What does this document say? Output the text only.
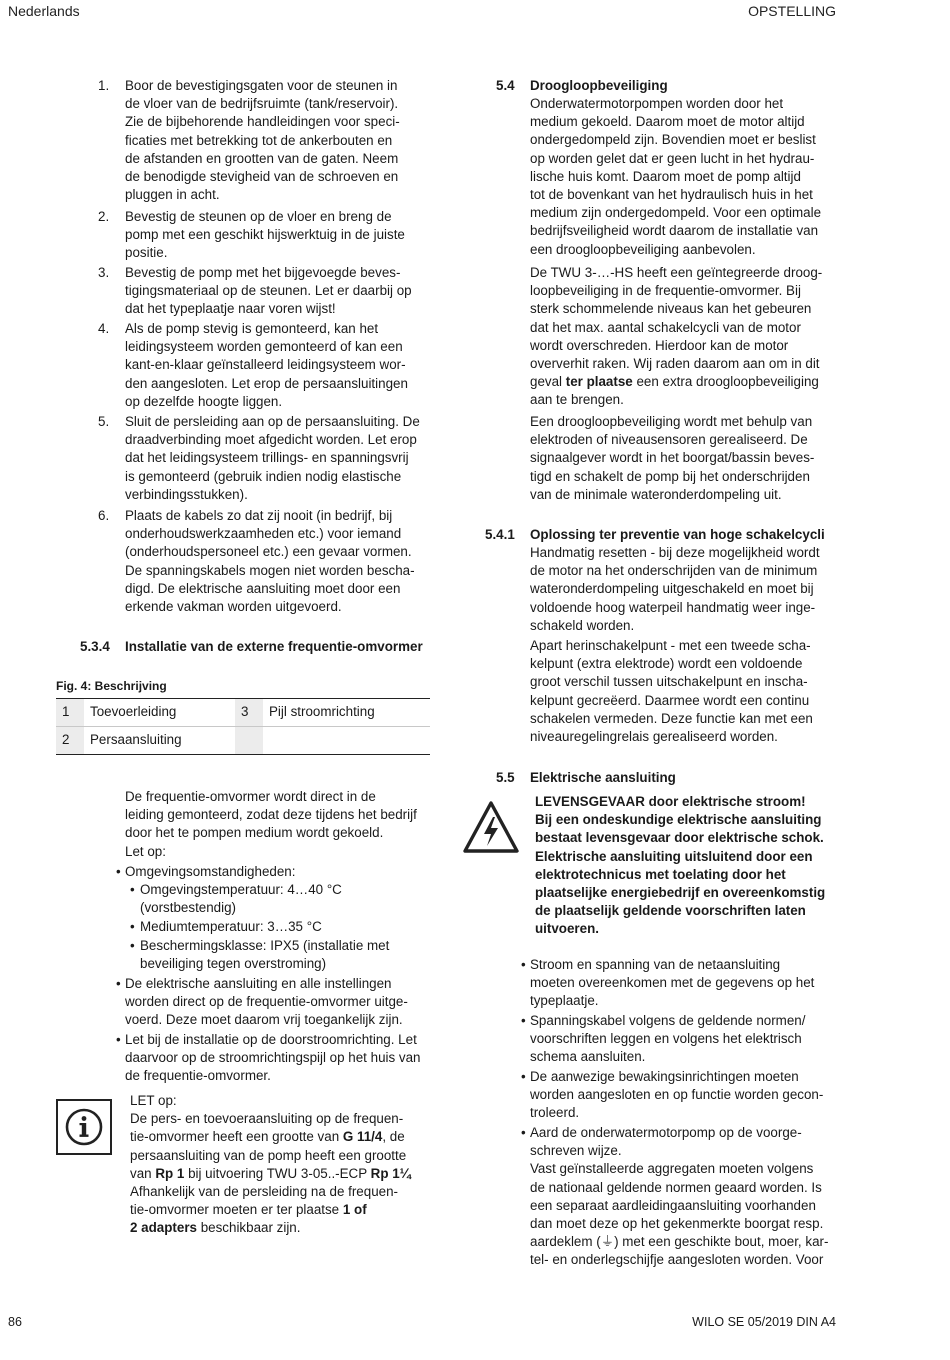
Nederlands	OPSTELLING
86	WILO SE 05/2019 DIN A4
1. Boor de bevestigingsgaten voor de steunen in
de vloer van de bedrijfsruimte (tank/reservoir).
Zie de bijbehorende handleidingen voor speci-
ficaties met betrekking tot de ankerbouten en
de afstanden en grootten van de gaten. Neem
de benodigde stevigheid van de schroeven en
pluggen in acht.
2. Bevestig de steunen op de vloer en breng de
pomp met een geschikt hijswerktuig in de juiste
positie.
3. Bevestig de pomp met het bijgevoegde beves-
tigingsmateriaal op de steunen. Let er daarbij op
dat het typeplaatje naar voren wijst!
4. Als de pomp stevig is gemonteerd, kan het
leidingsysteem worden gemonteerd of kan een
kant-en-klaar geïnstalleerd leidingsysteem wor-
den aangesloten. Let erop de persaansluitingen
op dezelfde hoogte liggen.
5. Sluit de persleiding aan op de persaansluiting. De
draadverbinding moet afgedicht worden. Let erop
dat het leidingsysteem trillings- en spanningsvrij
is gemonteerd (gebruik indien nodig elastische
verbindingsstukken).
6. Plaats de kabels zo dat zij nooit (in bedrijf, bij
onderhoudswerkzaamheden etc.) voor iemand
(onderhoudspersoneel etc.) een gevaar vormen.
De spanningskabels mogen niet worden bescha-
digd. De elektrische aansluiting moet door een
erkende vakman worden uitgevoerd.
5.3.4 Installatie van de externe frequentie-omvormer
Fig. 4: Beschrijving
1	Toevoerleiding	3	Pijl stroomrichting
2	Persaansluiting		
De frequentie-omvormer wordt direct in de
leiding gemonteerd, zodat deze tijdens het bedrijf
door het te pompen medium wordt gekoeld.
Let op:
• Omgevingsomstandigheden:
• Omgevingstemperatuur: 4…40 °C
(vorstbestendig)
• Mediumtemperatuur: 3…35 °C
• Beschermingsklasse: IPX5 (installatie met
beveiliging tegen overstroming)
• De elektrische aansluiting en alle instellingen
worden direct op de frequentie-omvormer uitge-
voerd. Deze moet daarom vrij toegankelijk zijn.
• Let bij de installatie op de doorstroomrichting. Let
daarvoor op de stroomrichtingspijl op het huis van
de frequentie-omvormer.
LET op:
De pers- en toevoeraansluiting op de frequen-
tie-omvormer heeft een grootte van G 11/4, de
persaansluiting van de pomp heeft een grootte
van Rp 1 bij uitvoering TWU 3-05..-ECP Rp 1¼
Afhankelijk van de persleiding na de frequen-
tie-omvormer moeten er ter plaatse 1 of
2 adapters beschikbaar zijn.
5.4 Droogloopbeveiliging
Onderwatermotorpompen worden door het
medium gekoeld. Daarom moet de motor altijd
ondergedompeld zijn. Bovendien moet er beslist
op worden gelet dat er geen lucht in het hydrau-
lische huis komt. Daarom moet de pomp altijd
tot de bovenkant van het hydraulisch huis in het
medium zijn ondergedompeld. Voor een optimale
bedrijfsveiligheid wordt daarom de installatie van
een droogloopbeveiliging aanbevolen.
De TWU 3-…-HS heeft een geïntegreerde droog-
loopbeveiliging in de frequentie-omvormer. Bij
sterk schommelende niveaus kan het gebeuren
dat het max. aantal schakelcycli van de motor
wordt overschreden. Hierdoor kan de motor
oververhit raken. Wij raden daarom aan om in dit
geval ter plaatse een extra droogloopbeveiliging
aan te brengen.
Een droogloopbeveiliging wordt met behulp van
elektroden of niveausensoren gerealiseerd. De
signaalgever wordt in het boorgat/bassin beves-
tigd en schakelt de pomp bij het onderschrijden
van de minimale wateronderdompeling uit.
5.4.1 Oplossing ter preventie van hoge schakelcycli
Handmatig resetten - bij deze mogelijkheid wordt
de motor na het onderschrijden van de minimum
wateronderdompeling uitgeschakeld en moet bij
voldoende hoog waterpeil handmatig weer inge-
schakeld worden.
Apart herinschakelpunt - met een tweede scha-
kelpunt (extra elektrode) wordt een voldoende
groot verschil tussen uitschakelpunt en inscha-
kelpunt gecreëerd. Daarmee wordt een continu
schakelen vermeden. Deze functie kan met een
niveauregelingrelais gerealiseerd worden.
5.5 Elektrische aansluiting
LEVENSGEVAAR door elektrische stroom!
Bij een ondeskundige elektrische aansluiting
bestaat levensgevaar door elektrische schok.
Elektrische aansluiting uitsluitend door een
elektrotechnicus met toelating door het
plaatselijke energiebedrijf en overeenkomstig
de plaatselijk geldende voorschriften laten
uitvoeren.
• Stroom en spanning van de netaansluiting
moeten overeenkomen met de gegevens op het
typeplaatje.
• Spanningskabel volgens de geldende normen/
voorschriften leggen en volgens het elektrisch
schema aansluiten.
• De aanwezige bewakingsinrichtingen moeten
worden aangesloten en op functie worden gecon-
troleerd.
• Aard de onderwatermotorpomp op de voorge-
schreven wijze.
Vast geïnstalleerde aggregaten moeten volgens
de nationaal geldende normen geaard worden. Is
een separaat aardleidingaansluiting voorhanden
dan moet deze op het gekenmerkte boorgat resp.
aardeklem (⏚) met een geschikte bout, moer, kar-
tel- en onderlegschijfje aangesloten worden. Voor
